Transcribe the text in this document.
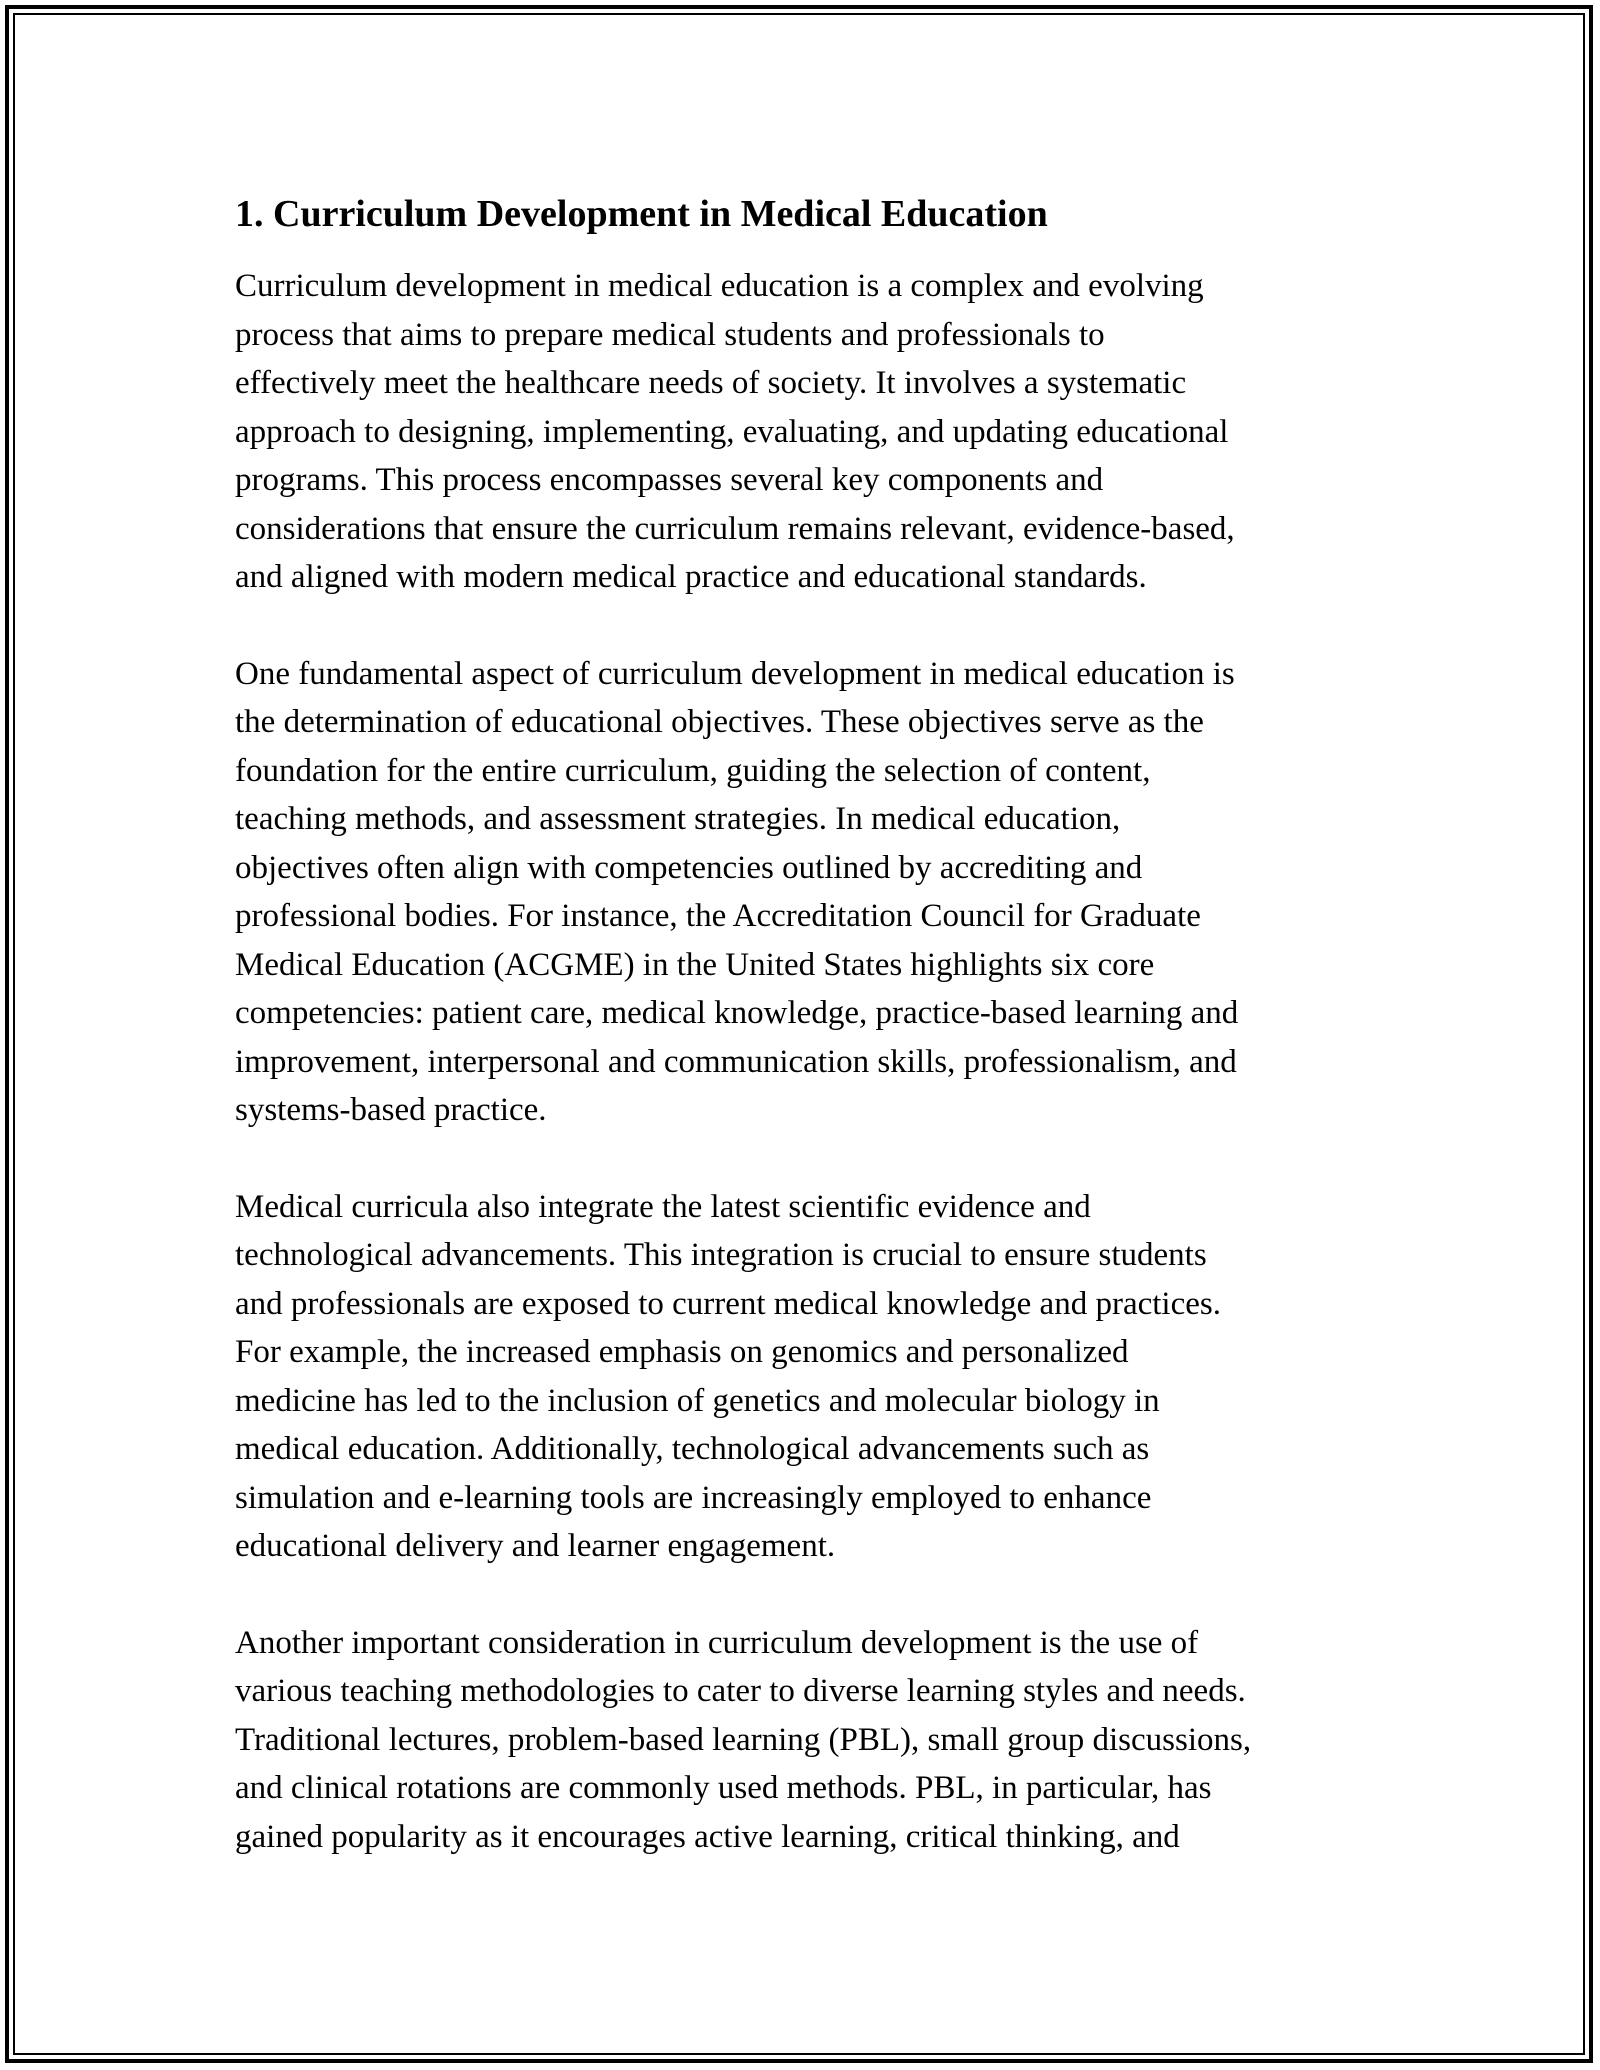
1. Curriculum Development in Medical Education

Curriculum development in medical education is a complex and evolving
process that aims to prepare medical students and professionals to
effectively meet the healthcare needs of society. It involves a systematic
approach to designing, implementing, evaluating, and updating educational
programs. This process encompasses several key components and
considerations that ensure the curriculum remains relevant, evidence-based,
and aligned with modern medical practice and educational standards.

One fundamental aspect of curriculum development in medical education is
the determination of educational objectives. These objectives serve as the
foundation for the entire curriculum, guiding the selection of content,
teaching methods, and assessment strategies. In medical education,
objectives often align with competencies outlined by accrediting and
professional bodies. For instance, the Accreditation Council for Graduate
Medical Education (ACGME) in the United States highlights six core
competencies: patient care, medical knowledge, practice-based learning and
improvement, interpersonal and communication skills, professionalism, and
systems-based practice.

Medical curricula also integrate the latest scientific evidence and
technological advancements. This integration is crucial to ensure students
and professionals are exposed to current medical knowledge and practices.
For example, the increased emphasis on genomics and personalized
medicine has led to the inclusion of genetics and molecular biology in
medical education. Additionally, technological advancements such as
simulation and e-learning tools are increasingly employed to enhance
educational delivery and learner engagement.

Another important consideration in curriculum development is the use of
various teaching methodologies to cater to diverse learning styles and needs.
Traditional lectures, problem-based learning (PBL), small group discussions,
and clinical rotations are commonly used methods. PBL, in particular, has
gained popularity as it encourages active learning, critical thinking, and
